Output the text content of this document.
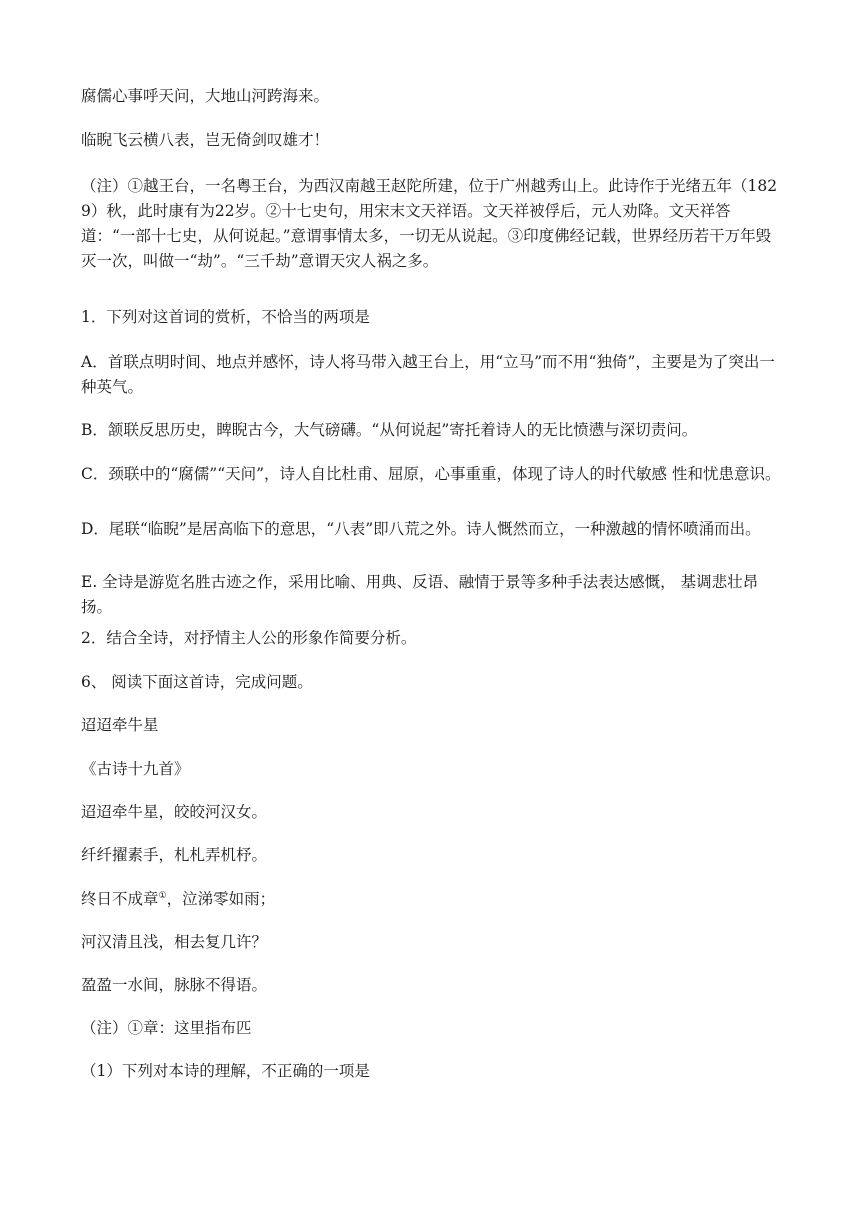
腐儒心事呼天问，大地山河跨海来。

临睨飞云横八表，岂无倚剑叹雄才！

（注）①越王台，一名粤王台，为西汉南越王赵陀所建，位于广州越秀山上。此诗作于光绪五年（1829）秋，此时康有为22岁。②十七史句，用宋末文天祥语。文天祥被俘后，元人劝降。文天祥答道：“一部十七史，从何说起。”意谓事情太多，一切无从说起。③印度佛经记载，世界经历若干万年毁灭一次，叫做一“劫”。“三千劫”意谓天灾人祸之多。

1．下列对这首词的赏析，不恰当的两项是

A．首联点明时间、地点并感怀，诗人将马带入越王台上，用“立马”而不用“独倚”，主要是为了突出一种英气。

B．颔联反思历史，睥睨古今，大气磅礴。“从何说起”寄托着诗人的无比愤懑与深切责问。

C．颈联中的“腐儒”“天问”，诗人自比杜甫、屈原，心事重重，体现了诗人的时代敏感 性和忧患意识。

D．尾联“临睨”是居高临下的意思，“八表”即八荒之外。诗人慨然而立，一种激越的情怀喷涌而出。

E. 全诗是游览名胜古迹之作，采用比喻、用典、反语、融情于景等多种手法表达感慨， 基调悲壮昂扬。

2．结合全诗，对抒情主人公的形象作简要分析。

6、 阅读下面这首诗，完成问题。

迢迢牵牛星

《古诗十九首》

迢迢牵牛星，皎皎河汉女。

纤纤擢素手，札札弄机杼。

终日不成章①，泣涕零如雨；

河汉清且浅，相去复几许？

盈盈一水间，脉脉不得语。

（注）①章：这里指布匹

（1）下列对本诗的理解，不正确的一项是
